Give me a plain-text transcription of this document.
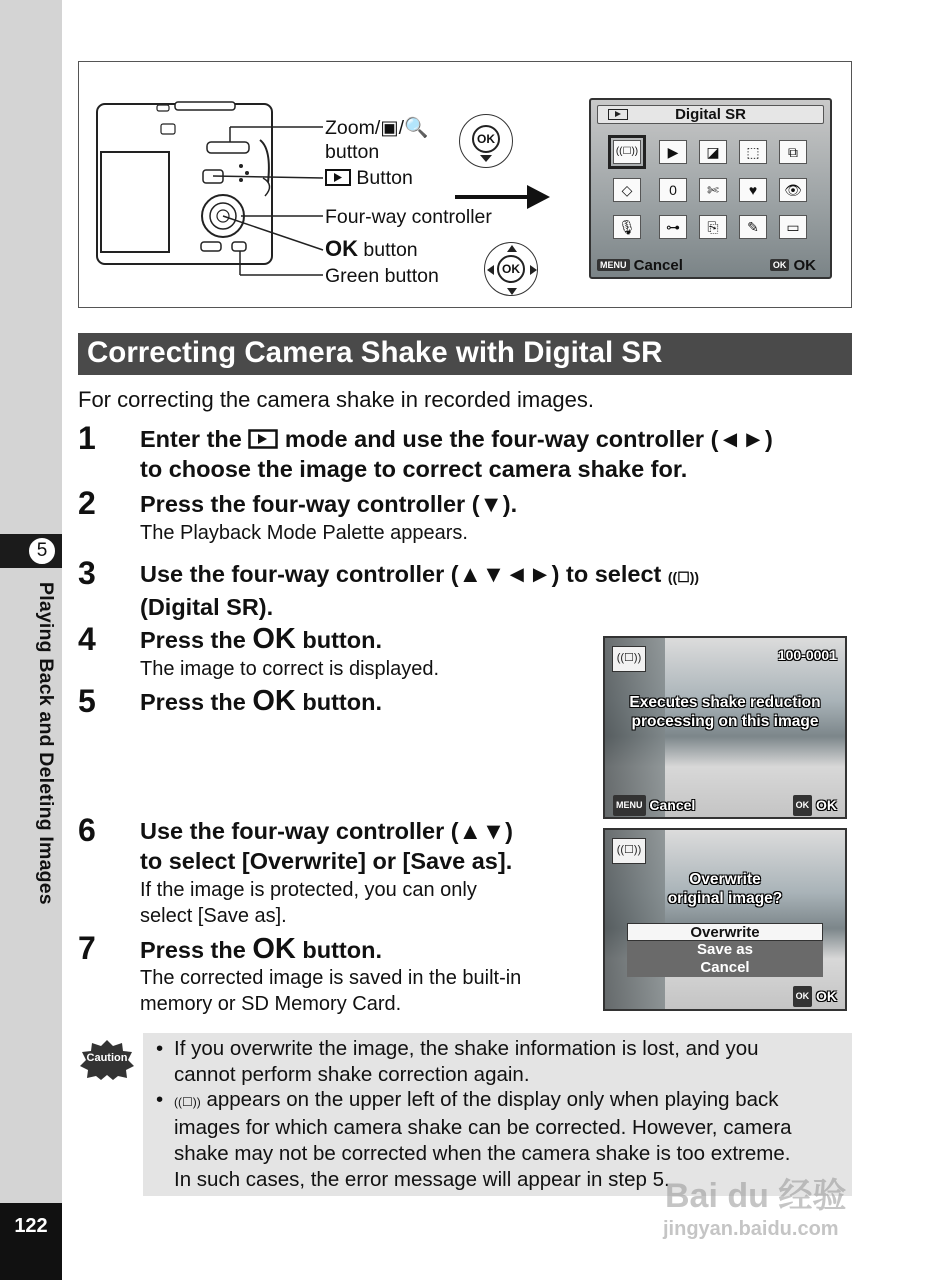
5
Playing Back and Deleting Images
122
Zoom/▣/🔍
button
Button
Four-way controller
OK button
Green button
OK
OK
Digital SR
((☐))	▶	◪	⬚	⧉
◇	0	✄	♥	👁
🎙	⊶	⎘	✎	▭
MENU Cancel	OK OK
Correcting Camera Shake with Digital SR
For correcting the camera shake in recorded images.
1 Enter the mode and use the four-way controller (◄►)
to choose the image to correct camera shake for.
2 Press the four-way controller (▼).
The Playback Mode Palette appears.
3 Use the four-way controller (▲▼◄►) to select ((☐))
(Digital SR).
4 Press the OK button.
The image to correct is displayed.
5 Press the OK button.
6 Use the four-way controller (▲▼)
to select [Overwrite] or [Save as].
If the image is protected, you can only
select [Save as].
7 Press the OK button.
The corrected image is saved in the built-in
memory or SD Memory Card.
((☐))	100-0001
Executes shake reduction
processing on this image
MENU Cancel	OK OK
((☐))
Overwrite
original image?
Overwrite
Save as
Cancel
OK OK
Caution	• If you overwrite the image, the shake information is lost, and you
cannot perform shake correction again.
• ((☐)) appears on the upper left of the display only when playing back
images for which camera shake can be corrected. However, camera
shake may not be corrected when the camera shake is too extreme.
In such cases, the error message will appear in step 5.
Bai du 经验
jingyan.baidu.com
